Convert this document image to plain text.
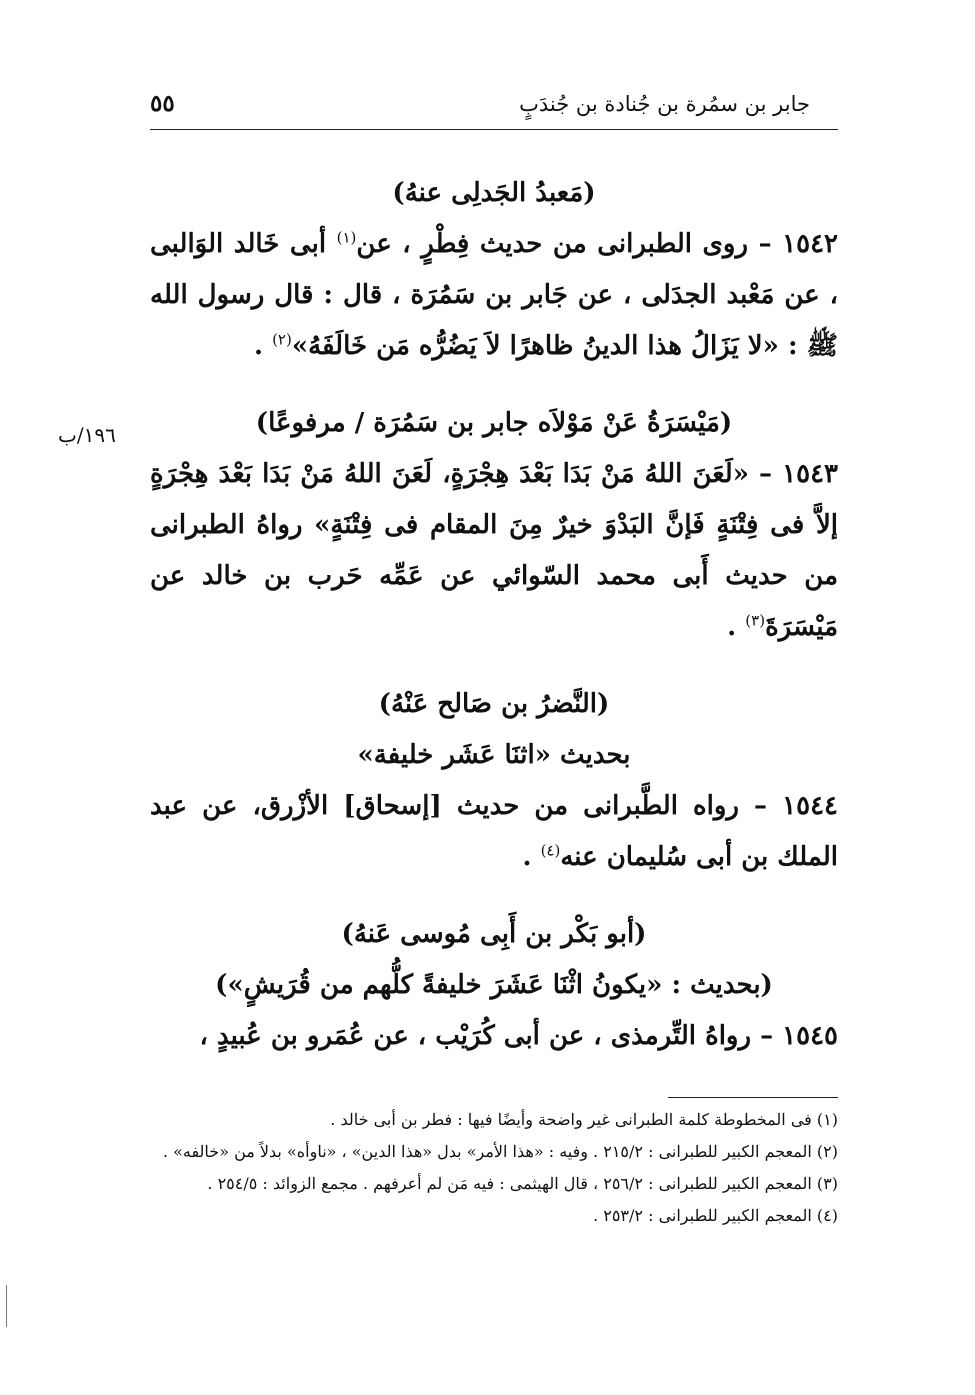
جابر بن سمُرة بن جُنادة بن جُندَبٍ
٥٥
١٩٦/ب
(مَعبدُ الجَدلِى عنهُ)
١٥٤٢ – روى الطبرانى من حديث فِطْرٍ ، عن$^{(١)}$ أبى خَالد الوَالبى ، عن مَعْبد الجدَلى ، عن جَابر بن سَمُرَة ، قال : قال رسول الله ﷺ : «لا يَزَالُ هذا الدينُ ظاهرًا لاَ يَضُرُّه مَن خَالَفَهُ»$^{(٢)}$ .
(مَيْسَرَةُ عَنْ مَوْلاَه جابر بن سَمُرَة / مرفوعًا)
١٥٤٣ – «لَعَنَ اللهُ مَنْ بَدَا بَعْدَ هِجْرَةٍ، لَعَنَ اللهُ مَنْ بَدَا بَعْدَ هِجْرَةٍ إلاَّ فى فِتْنَةٍ فَإنَّ البَدْوَ خيرٌ مِنَ المقام فى فِتْنَةٍ» رواهُ الطبرانى من حديث أَبى محمد السّوائي عن عَمِّه حَرب بن خالد عن مَيْسَرَةَ$^{(٣)}$ .
(النَّضرُ بن صَالح عَنْهُ)
بحديث «اثنَا عَشَر خليفة»
١٥٤٤ – رواه الطَّبرانى من حديث [إسحاق] الأزْرق، عن عبد الملك بن أبى سُليمان عنه$^{(٤)}$ .
(أبو بَكْر بن أَبِى مُوسى عَنهُ)
(بحديث : «يكونُ اثْنَا عَشَرَ خليفةً كلُّهم من قُرَيشٍ»)
١٥٤٥ – رواهُ التِّرمذى ، عن أبى كُرَيْب ، عن عُمَرو بن عُبيدٍ ،

(١) فى المخطوطة كلمة الطبرانى غير واضحة وأيضًا فيها : فطر بن أبى خالد .

(٢) المعجم الكبير للطبرانى : ٢١٥/٢ . وفيه : «هذا الأمر» بدل «هذا الدين» ، «ناوأه» بدلاً من «خالفه» .

(٣) المعجم الكبير للطبرانى : ٢٥٦/٢ ، قال الهيثمى : فيه مَن لم أعرفهم . مجمع الزوائد : ٢٥٤/٥ .

(٤) المعجم الكبير للطبرانى : ٢٥٣/٢ .
